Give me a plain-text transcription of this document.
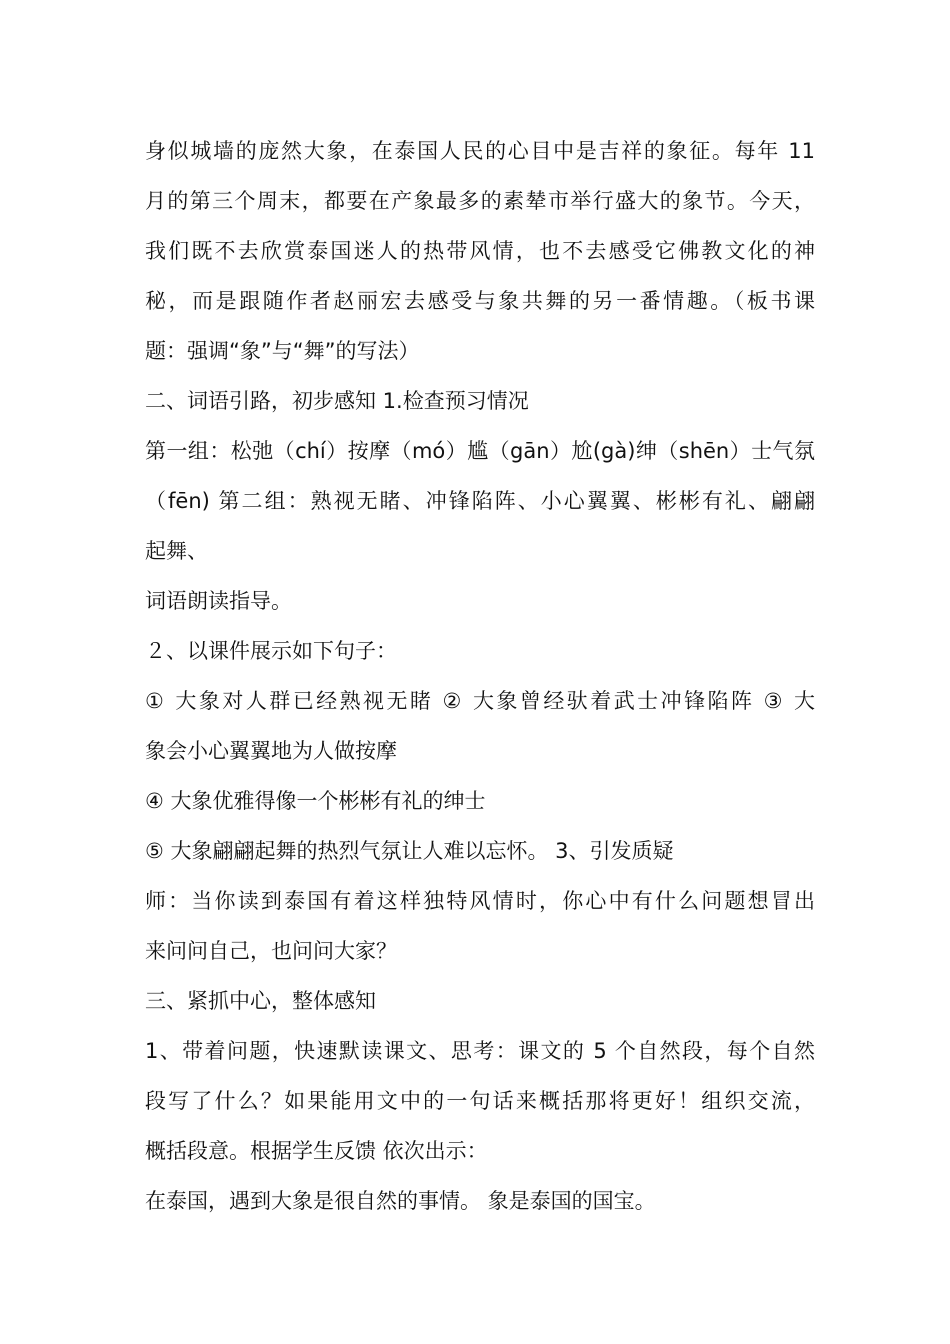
身似城墙的庞然大象，在泰国人民的心目中是吉祥的象征。每年 11
月的第三个周末，都要在产象最多的素辇市举行盛大的象节。今天，
我们既不去欣赏泰国迷人的热带风情，也不去感受它佛教文化的神
秘，而是跟随作者赵丽宏去感受与象共舞的另一番情趣。（板书课
题：强调“象”与“舞”的写法）
二、词语引路，初步感知 1.检查预习情况
第一组：松弛（chí）按摩（mó）尴（gān）尬(gà)绅（shēn）士气氛
（fēn) 第二组：熟视无睹、冲锋陷阵、小心翼翼、彬彬有礼、翩翩
起舞、
词语朗读指导。
２、以课件展示如下句子：
① 大象对人群已经熟视无睹 ② 大象曾经驮着武士冲锋陷阵 ③ 大
象会小心翼翼地为人做按摩
④ 大象优雅得像一个彬彬有礼的绅士
⑤ 大象翩翩起舞的热烈气氛让人难以忘怀。 3、引发质疑
师：当你读到泰国有着这样独特风情时，你心中有什么问题想冒出
来问问自己，也问问大家？
三、紧抓中心，整体感知
1、带着问题，快速默读课文、思考：课文的 5 个自然段，每个自然
段写了什么？如果能用文中的一句话来概括那将更好！组织交流，
概括段意。根据学生反馈 依次出示：
在泰国，遇到大象是很自然的事情。 象是泰国的国宝。
